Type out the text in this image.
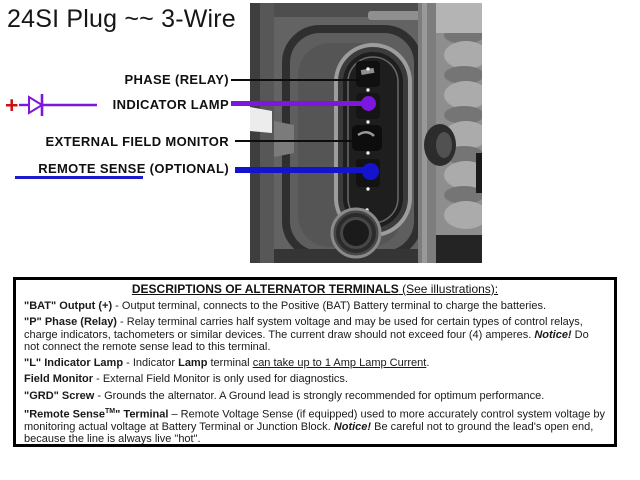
24SI Plug ~~ 3-Wire
PHASE (RELAY)
INDICATOR LAMP
EXTERNAL FIELD MONITOR
REMOTE SENSE (OPTIONAL)
+
DESCRIPTIONS OF ALTERNATOR TERMINALS (See illustrations):

"BAT" Output (+) - Output terminal, connects to the Positive (BAT) Battery terminal to charge the batteries.

"P" Phase (Relay) - Relay terminal carries half system voltage and may be used for certain types of control relays, charge indicators, tachometers or similar devices. The current draw should not exceed four (4) amperes. Notice! Do not connect the remote sense lead to this terminal.

"L" Indicator Lamp - Indicator Lamp terminal can take up to 1 Amp Lamp Current.

Field Monitor - External Field Monitor is only used for diagnostics.

"GRD" Screw - Grounds the alternator. A Ground lead is strongly recommended for optimum performance.

"Remote Sense™" Terminal – Remote Voltage Sense (if equipped) used to more accurately control system voltage by monitoring actual voltage at Battery Terminal or Junction Block. Notice! Be careful not to ground the lead's open end, because the line is always live "hot".
